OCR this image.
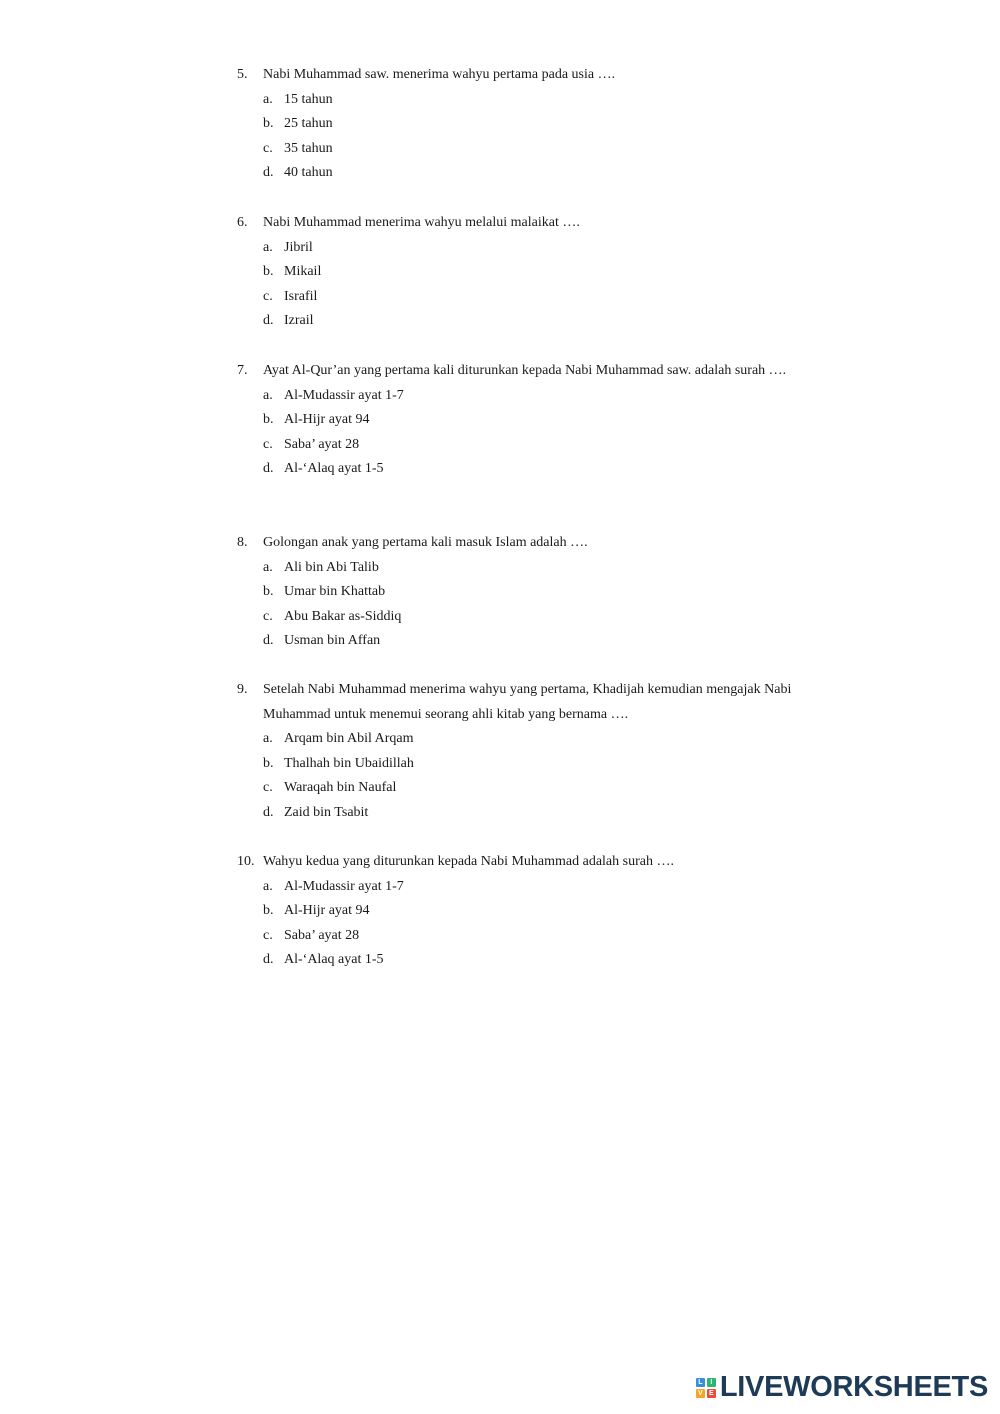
5.	Nabi Muhammad saw. menerima wahyu pertama pada usia ….
a. 15 tahun
b. 25 tahun
c. 35 tahun
d. 40 tahun
6.	Nabi Muhammad menerima wahyu melalui malaikat ….
a. Jibril
b. Mikail
c. Israfil
d. Izrail
7.	Ayat Al-Qur’an yang pertama kali diturunkan kepada Nabi Muhammad saw. adalah surah ….
a. Al-Mudassir ayat 1-7
b. Al-Hijr ayat 94
c. Saba’ ayat 28
d. Al-‘Alaq ayat 1-5
8.	Golongan anak yang pertama kali masuk Islam adalah ….
a. Ali bin Abi Talib
b. Umar bin Khattab
c. Abu Bakar as-Siddiq
d. Usman bin Affan
9.	Setelah Nabi Muhammad menerima wahyu yang pertama, Khadijah kemudian mengajak Nabi Muhammad untuk menemui seorang ahli kitab yang bernama ….
a. Arqam bin Abil Arqam
b. Thalhah bin Ubaidillah
c. Waraqah bin Naufal
d. Zaid bin Tsabit
10. Wahyu kedua yang diturunkan kepada Nabi Muhammad adalah surah ….
a. Al-Mudassir ayat 1-7
b. Al-Hijr ayat 94
c. Saba’ ayat 28
d. Al-‘Alaq ayat 1-5
L	I
V E LIVEWORKSHEETS
